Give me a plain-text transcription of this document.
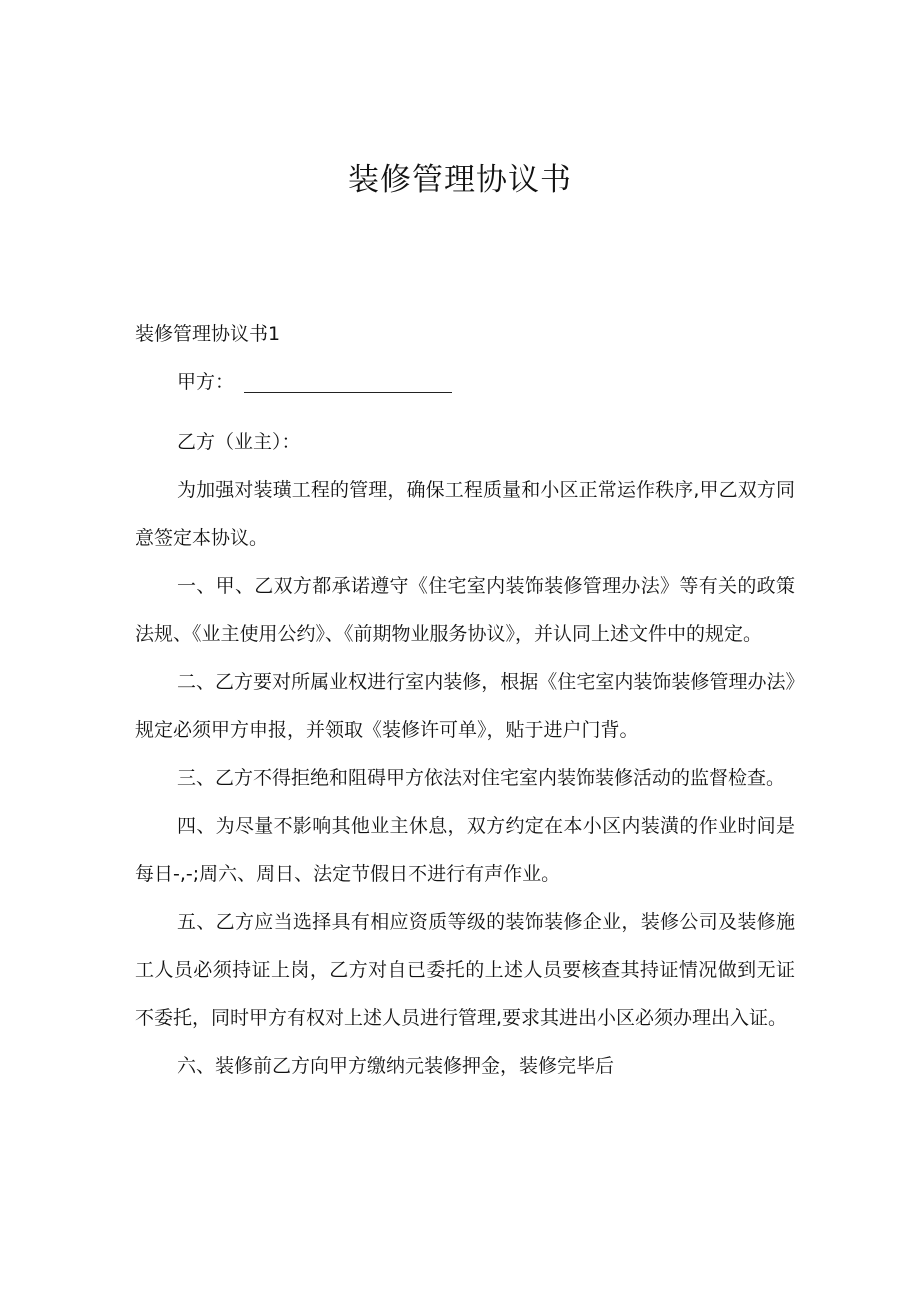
装修管理协议书

装修管理协议书1

甲方：

乙方（业主）：

为加强对装璜工程的管理，确保工程质量和小区正常运作秩序,甲乙双方同意签定本协议。

一、甲、乙双方都承诺遵守《住宅室内装饰装修管理办法》等有关的政策法规、《业主使用公约》、《前期物业服务协议》，并认同上述文件中的规定。

二、乙方要对所属业权进行室内装修，根据《住宅室内装饰装修管理办法》规定必须甲方申报，并领取《装修许可单》，贴于进户门背。

三、乙方不得拒绝和阻碍甲方依法对住宅室内装饰装修活动的监督检查。

四、为尽量不影响其他业主休息，双方约定在本小区内装潢的作业时间是每日-,-;周六、周日、法定节假日不进行有声作业。

五、乙方应当选择具有相应资质等级的装饰装修企业，装修公司及装修施工人员必须持证上岗，乙方对自已委托的上述人员要核查其持证情况做到无证不委托，同时甲方有权对上述人员进行管理,要求其进出小区必须办理出入证。

六、装修前乙方向甲方缴纳元装修押金，装修完毕后
